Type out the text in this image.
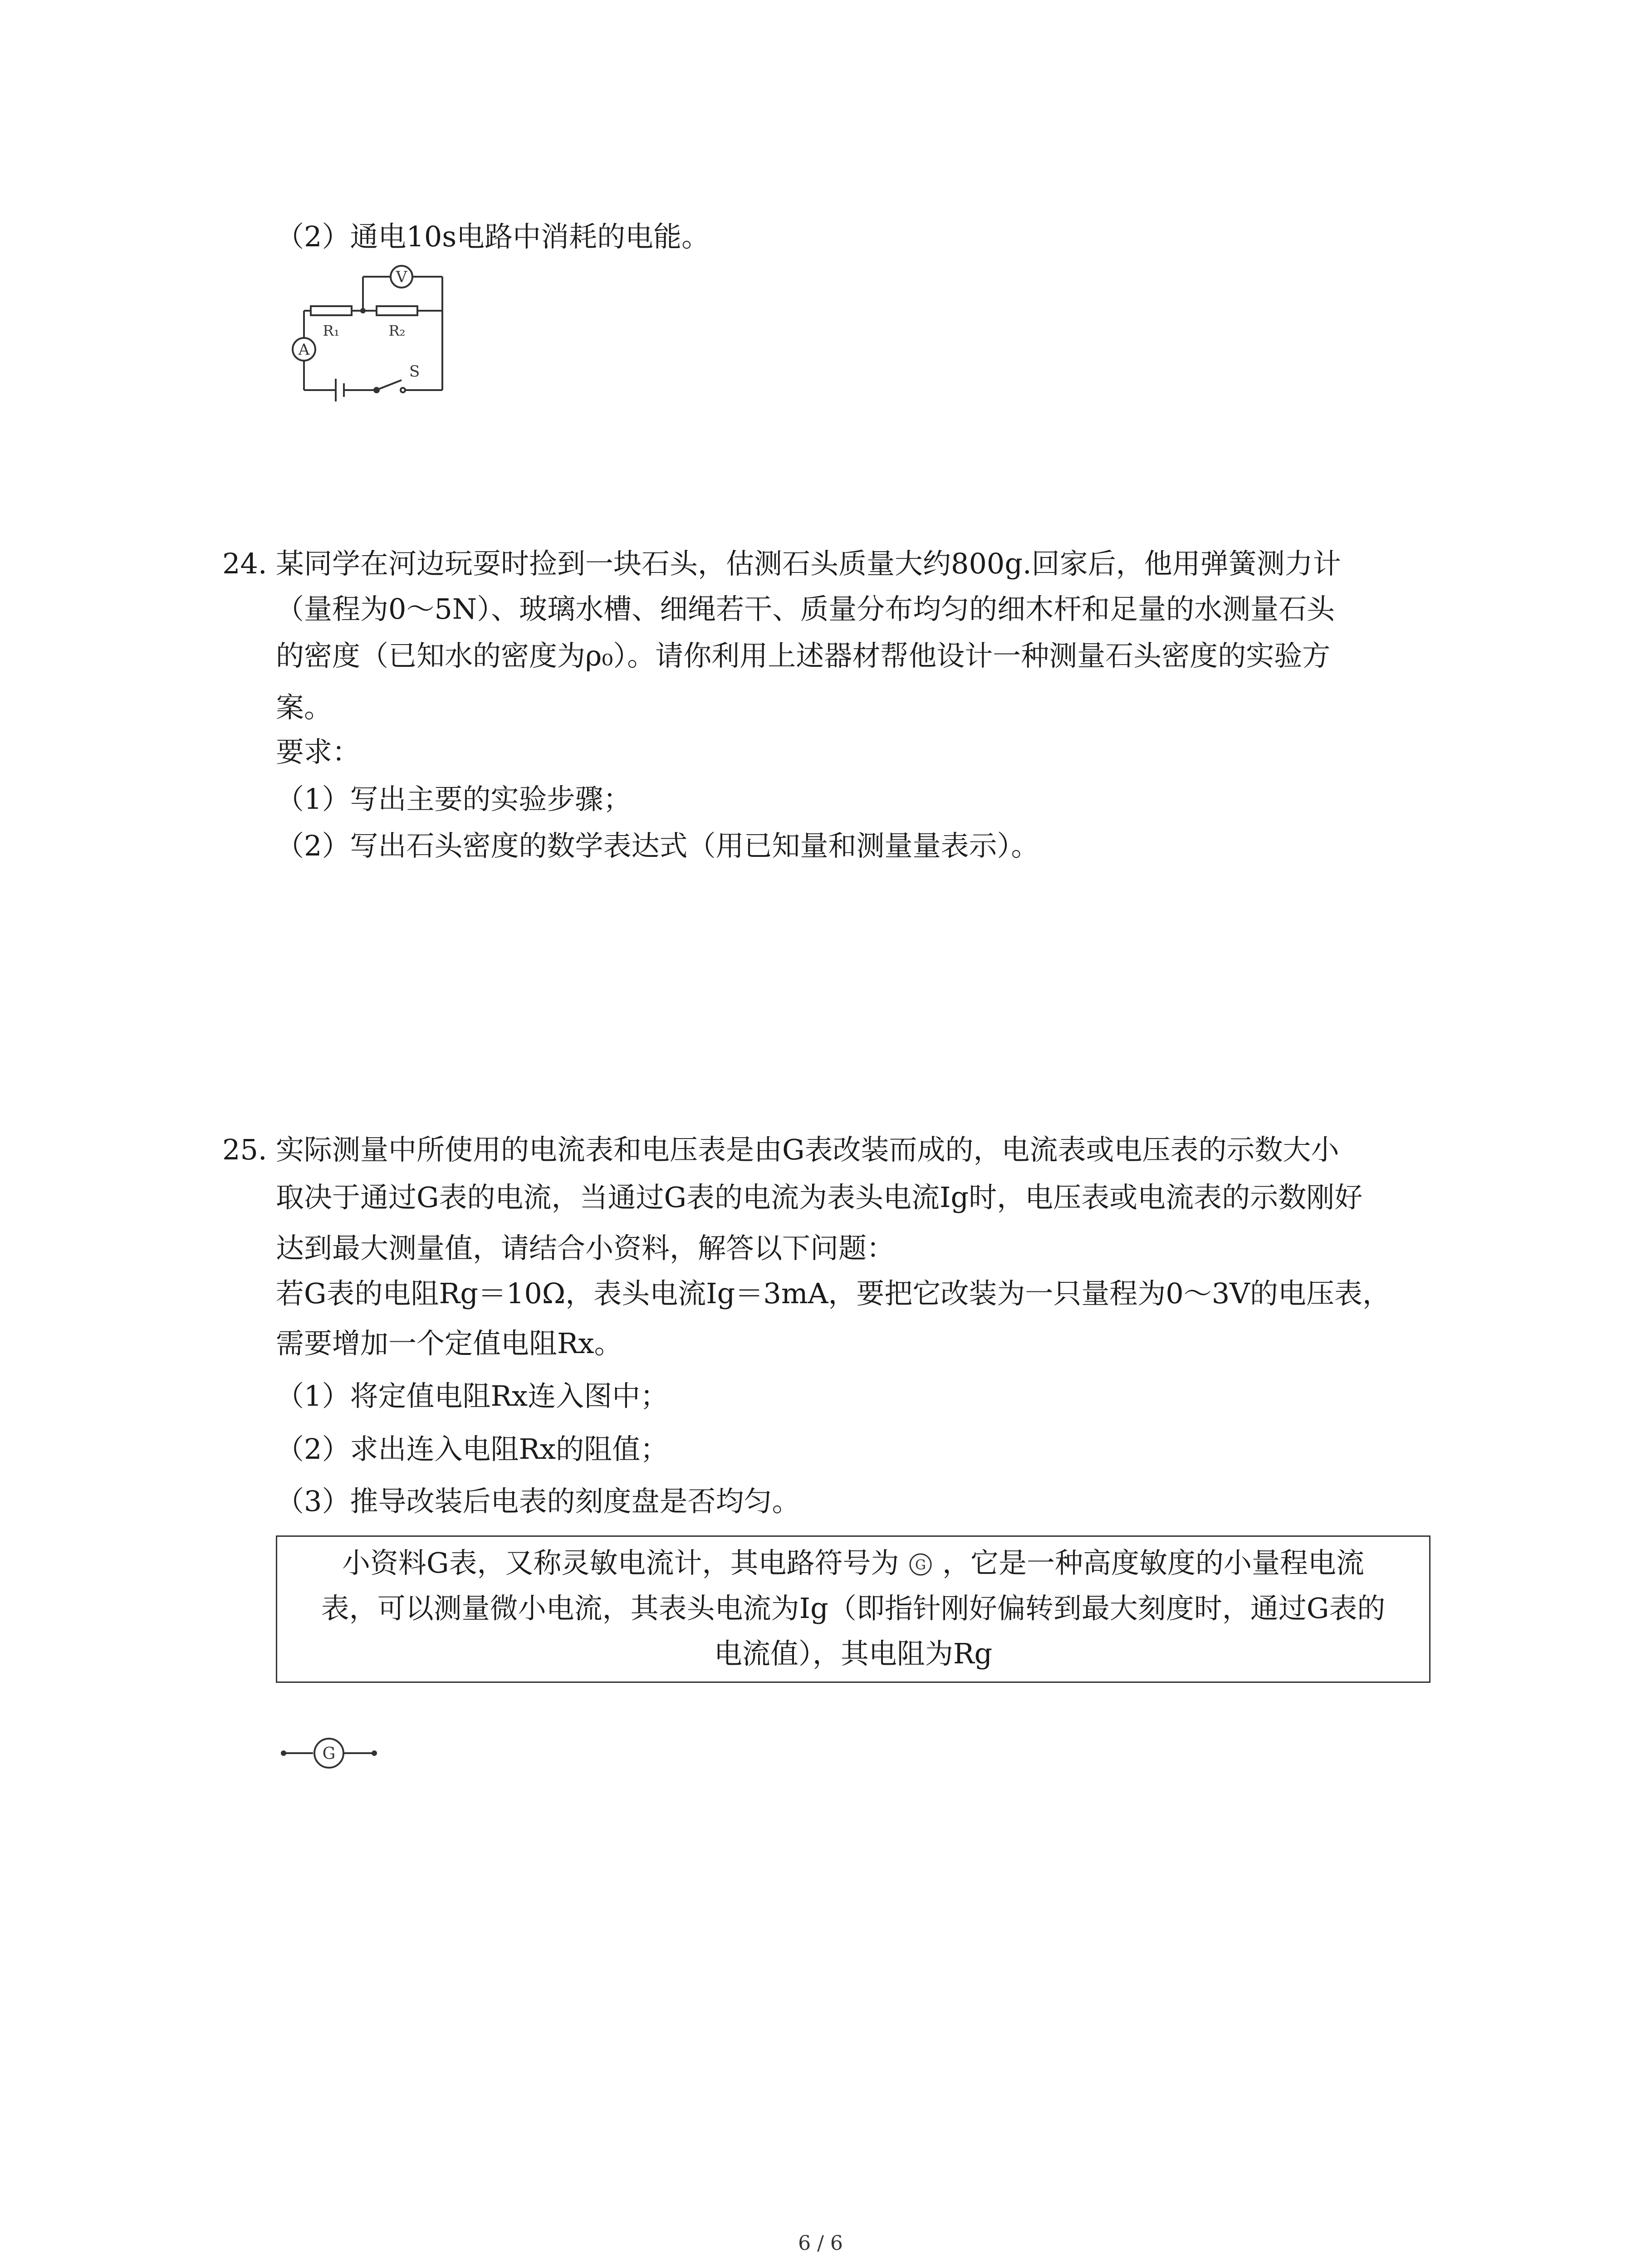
（2）通电10s电路中消耗的电能。
V
A
R₁	R₂
S
24. 某同学在河边玩耍时捡到一块石头，估测石头质量大约800g.回家后，他用弹簧测力计
（量程为0～5N）、玻璃水槽、细绳若干、质量分布均匀的细木杆和足量的水测量石头
的密度（已知水的密度为ρ₀）。请你利用上述器材帮他设计一种测量石头密度的实验方
案。
要求：
（1）写出主要的实验步骤；
（2）写出石头密度的数学表达式（用已知量和测量量表示）。
25. 实际测量中所使用的电流表和电压表是由G表改装而成的，电流表或电压表的示数大小
取决于通过G表的电流，当通过G表的电流为表头电流Ig时，电压表或电流表的示数刚好
达到最大测量值，请结合小资料，解答以下问题：
若G表的电阻Rg＝10Ω，表头电流Ig＝3mA，要把它改装为一只量程为0～3V的电压表，
需要增加一个定值电阻Rx。
（1）将定值电阻Rx连入图中；
（2）求出连入电阻Rx的阻值；
（3）推导改装后电表的刻度盘是否均匀。
小资料G表，又称灵敏电流计，其电路符号为 G ，它是一种高度敏度的小量程电流
表，可以测量微小电流，其表头电流为Ig（即指针刚好偏转到最大刻度时，通过G表的
电流值），其电阻为Rg
G
6 / 6
